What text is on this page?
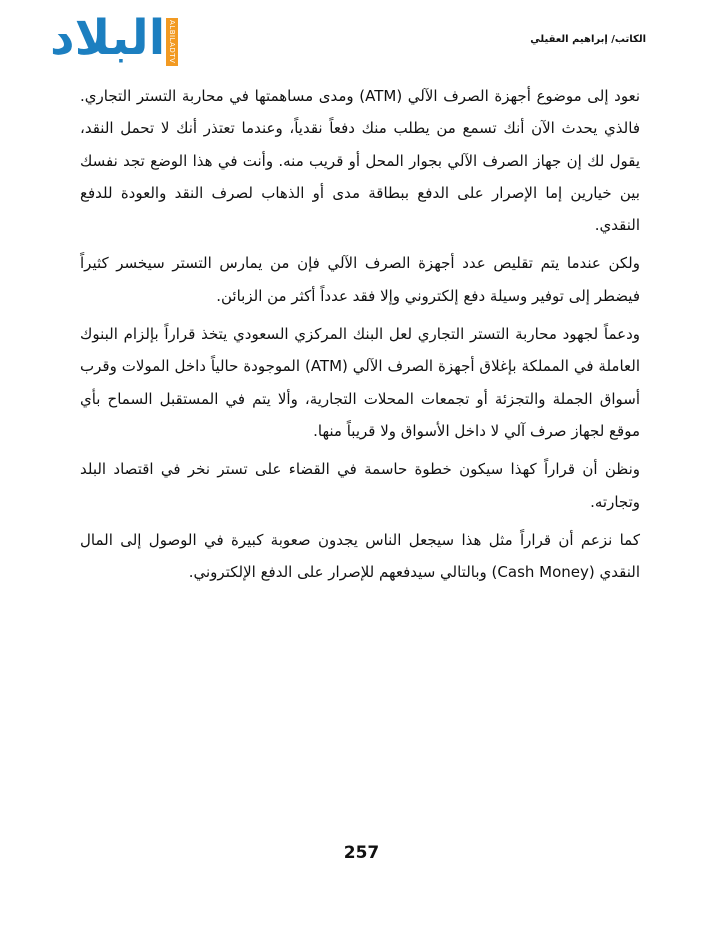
البلاد ALBILADTV	الكاتب/ إبراهيم العقيلي

نعود إلى موضوع أجهزة الصرف الآلي (ATM) ومدى مساهمتها في محاربة التستر التجاري. فالذي يحدث الآن أنك تسمع من يطلب منك دفعاً نقدياً، وعندما تعتذر أنك لا تحمل النقد، يقول لك إن جهاز الصرف الآلي بجوار المحل أو قريب منه. وأنت في هذا الوضع تجد نفسك بين خيارين إما الإصرار على الدفع ببطاقة مدى أو الذهاب لصرف النقد والعودة للدفع النقدي.

ولكن عندما يتم تقليص عدد أجهزة الصرف الآلي فإن من يمارس التستر سيخسر كثيراً فيضطر إلى توفير وسيلة دفع إلكتروني وإلا فقد عدداً أكثر من الزبائن.

ودعماً لجهود محاربة التستر التجاري لعل البنك المركزي السعودي يتخذ قراراً بإلزام البنوك العاملة في المملكة بإغلاق أجهزة الصرف الآلي (ATM) الموجودة حالياً داخل المولات وقرب أسواق الجملة والتجزئة أو تجمعات المحلات التجارية، وألا يتم في المستقبل السماح بأي موقع لجهاز صرف آلي لا داخل الأسواق ولا قريباً منها.

ونظن أن قراراً كهذا سيكون خطوة حاسمة في القضاء على تستر نخر في اقتصاد البلد وتجارته.

كما نزعم أن قراراً مثل هذا سيجعل الناس يجدون صعوبة كبيرة في الوصول إلى المال النقدي (Cash Money) وبالتالي سيدفعهم للإصرار على الدفع الإلكتروني.

257
